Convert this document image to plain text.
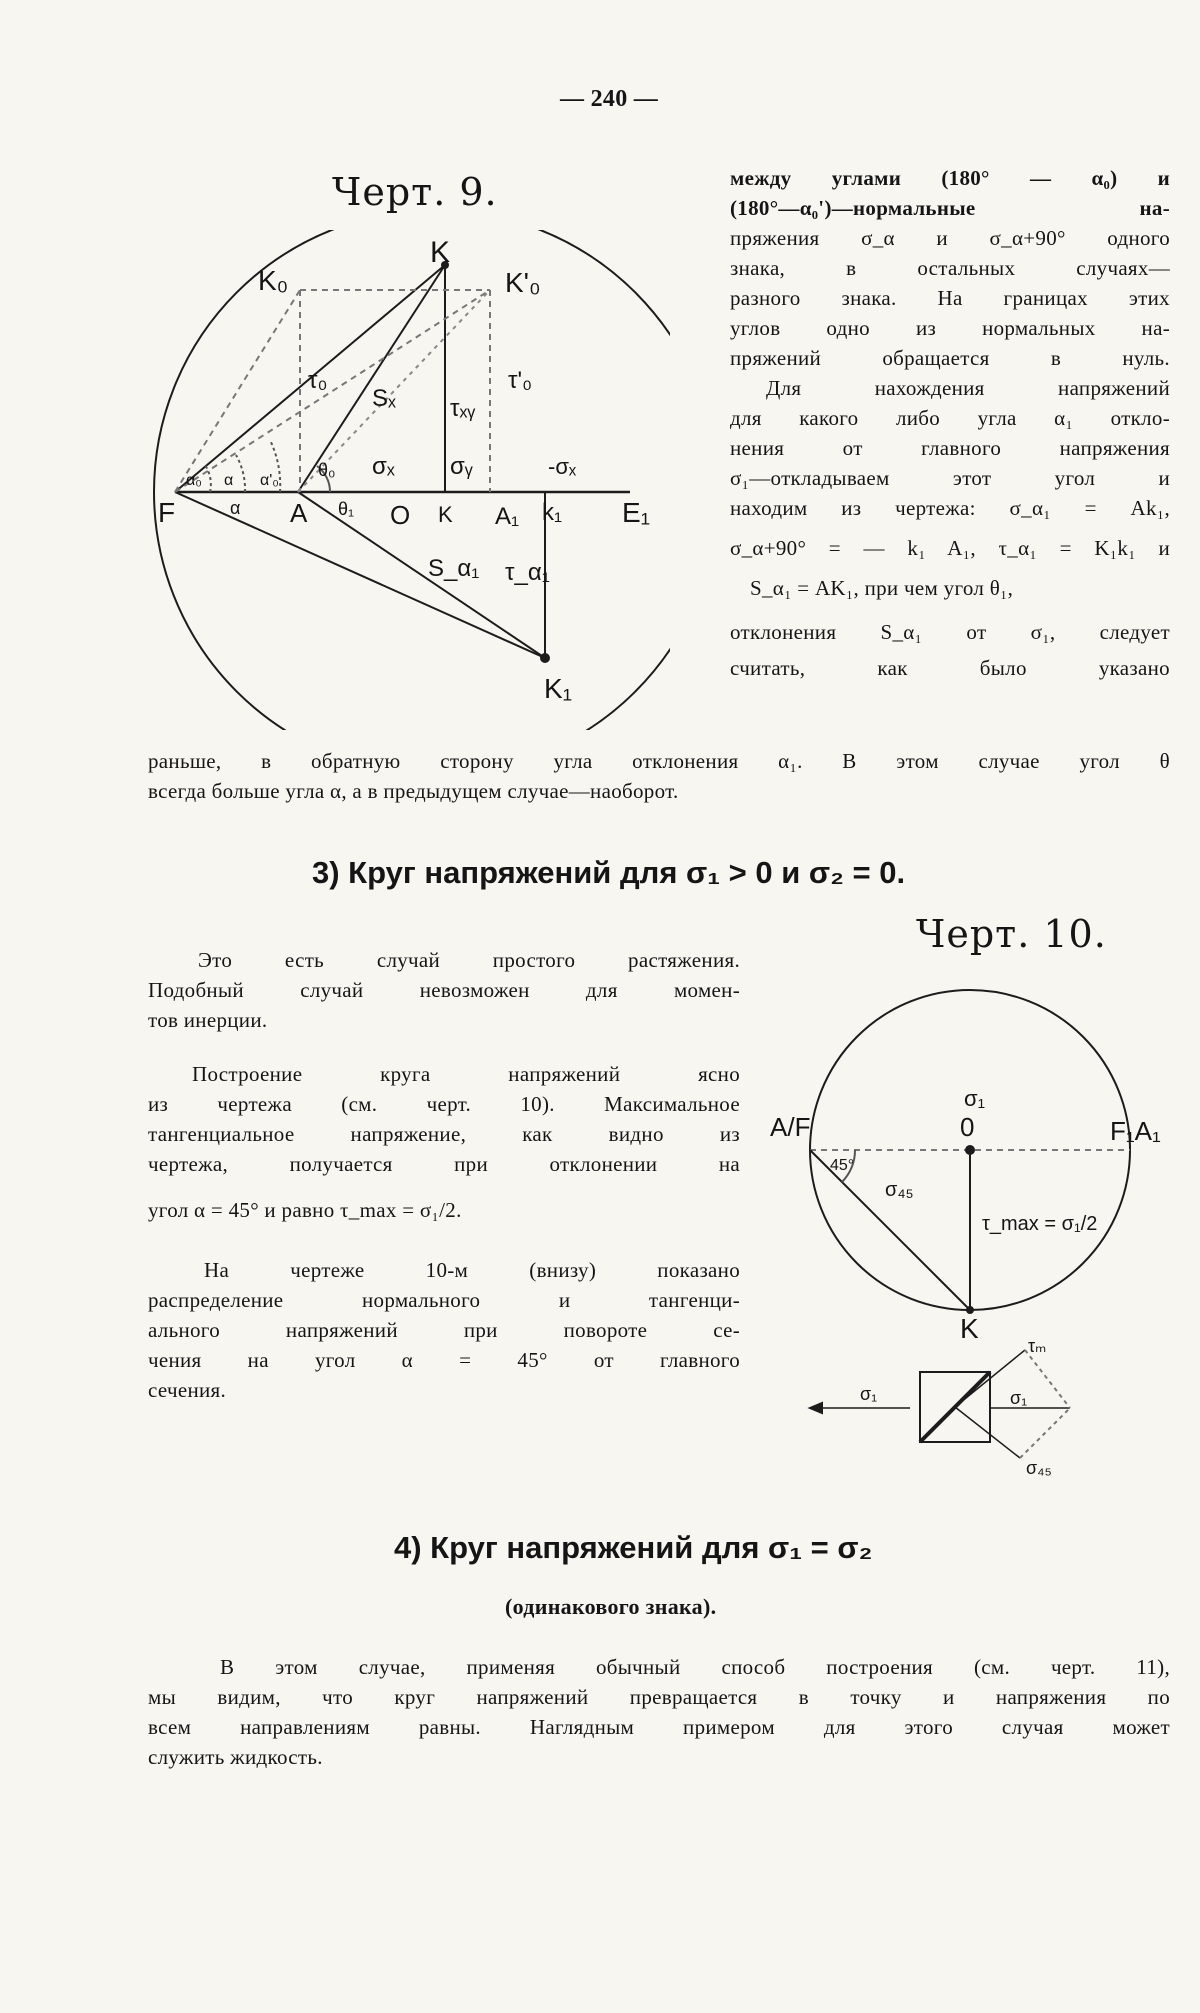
— 240 —
Черт. 9.
K
K₀	K'₀
F	E₁
A	O K A₁ k₁
K₁
τ₀
Sₓ τₓᵧ
τ'₀
σₓ σᵧ	-σₓ
α₀ α α'₀
α
θ₀
θ₁
S_α₁ τ_α₁
между углами (180° — α₀) и
(180°—α₀')—нормальные на-
пряжения σ_α и σ_α+90° одного
знака, в остальных случаях—
разного знака. На границах этих
углов одно из нормальных на-
пряжений обращается в нуль.
Для нахождения напряжений
для какого либо угла α₁ откло-
нения от главного напряжения
σ₁—откладываем этот угол и
находим из чертежа: σ_α₁ = Ak₁,
σ_α+90° = — k₁ A₁, τ_α₁ = K₁k₁ и
S_α₁ = AK₁, при чем угол θ₁,
отклонения S_α₁ от σ₁, следует
считать, как было указано
раньше, в обратную сторону угла отклонения α₁. В этом случае угол θ
всегда больше угла α, а в предыдущем случае—наоборот.
3) Круг напряжений для σ₁ > 0 и σ₂ = 0.
Черт. 10.
Это есть случай простого растяжения.
Подобный случай невозможен для момен-
тов инерции.
Построение круга напряжений ясно
из чертежа (см. черт. 10). Максимальное
тангенциальное напряжение, как видно из
чертежа, получается при отклонении на
угол α = 45° и равно τ_max = σ₁/2.
На чертеже 10-м (внизу) показано
распределение нормального и тангенци-
ального напряжений при повороте се-
чения на угол α = 45° от главного
сечения.
A/F
σ₁
0	F₁A₁
45°
σ₄₅
τ_max = σ₁/2
K
σ₁
τₘ
σ₁
σ₄₅
4) Круг напряжений для σ₁ = σ₂
(одинакового знака).
В этом случае, применяя обычный способ построения (см. черт. 11),
мы видим, что круг напряжений превращается в точку и напряжения по
всем направлениям равны. Наглядным примером для этого случая может
служить жидкость.
